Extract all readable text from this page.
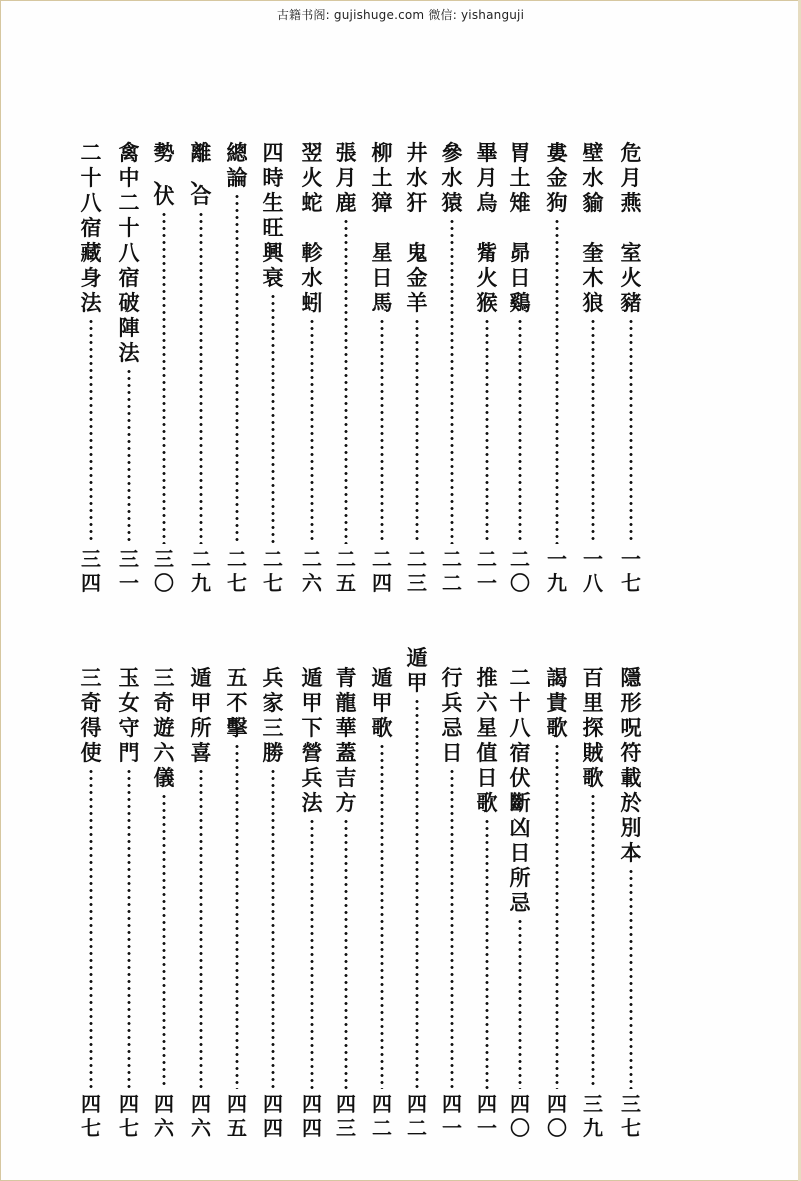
古籍书阁: gujishuge.com 微信: yishanguji
危
月
燕

室
火
豬
一
七
壁
水
貐

奎
木
狼
一
八
婁
金
狗
一
九
胃
土
雉

昴
日
鷄
二
〇
畢
月
烏

觜
火
猴
二
一
參
水
猿
二
二
井
水
犴

鬼
金
羊
二
三
柳
土
獐

星
日
馬
二
四
張
月
鹿
二
五
翌
火
蛇

軫
水
蚓
二
六
四
時
生
旺
興
衰
二
七
總
論
二
七
離
、
合
二
九
勢
、
伏
三
〇
禽
中
二
十
八
宿
破
陣
法
三
一
二
十
八
宿
藏
身
法
三
四
隱
形
呪
符
載
於
別
本
三
七
百
里
探
賊
歌
三
九
謁
貴
歌
四
〇
二
十
八
宿
伏
斷
凶
日
所
忌
四
〇
推
六
星
值
日
歌
四
一
行
兵
忌
日
四
一
遁
甲
四
二
遁
甲
歌
四
二
青
龍
華
蓋
吉
方
四
三
遁
甲
下
營
兵
法
四
四
兵
家
三
勝
四
四
五
不
擊
四
五
遁
甲
所
喜
四
六
三
奇
遊
六
儀
四
六
玉
女
守
門
四
七
三
奇
得
使
四
七
